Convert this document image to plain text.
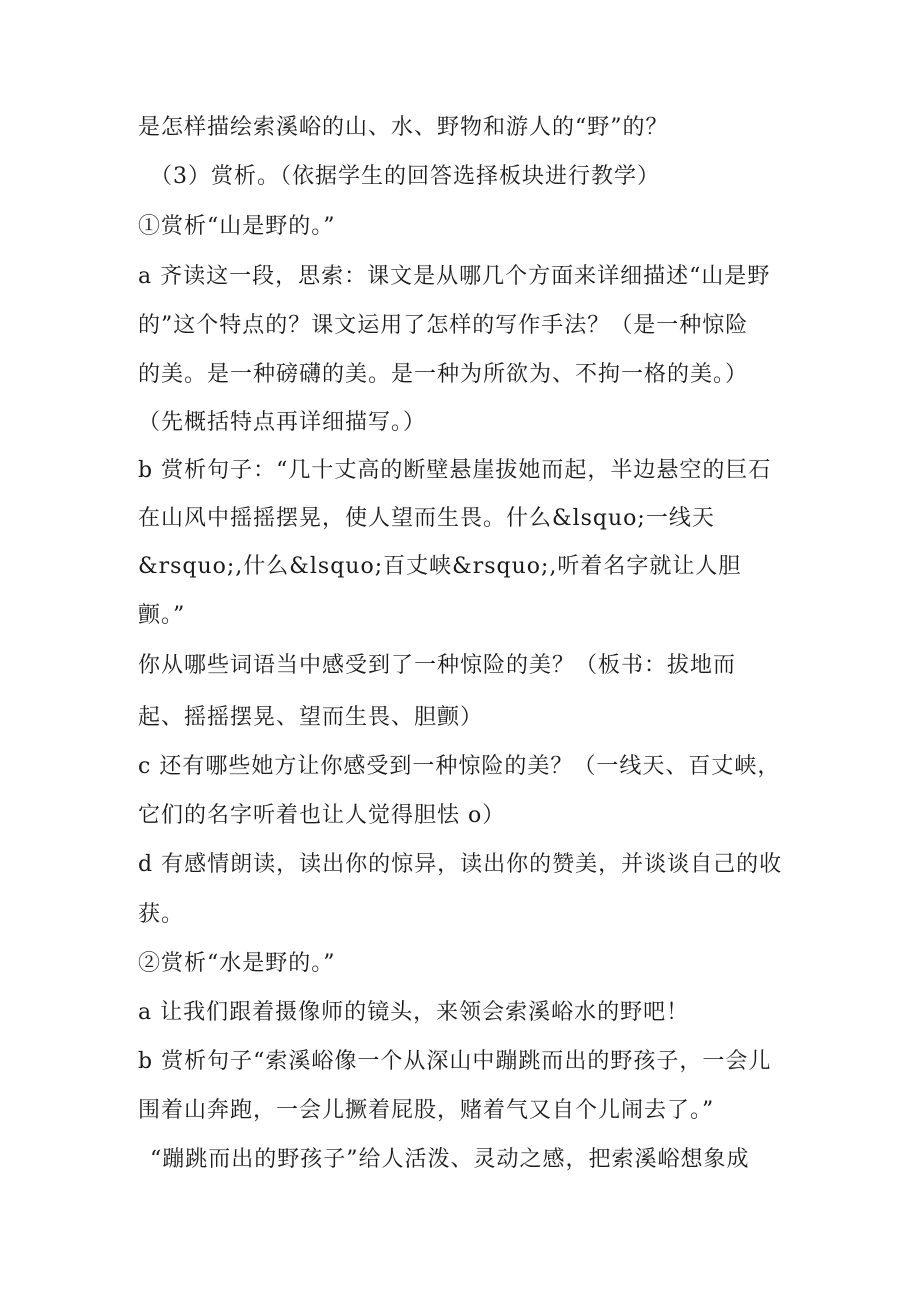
是怎样描绘索溪峪的山、水、野物和游人的“野”的？
（3）赏析。（依据学生的回答选择板块进行教学）
①赏析“山是野的。”
a 齐读这一段，思索：课文是从哪几个方面来详细描述“山是野
的”这个特点的？课文运用了怎样的写作手法？（是一种惊险
的美。是一种磅礴的美。是一种为所欲为、不拘一格的美。）
（先概括特点再详细描写。）
b 赏析句子：“几十丈高的断壁悬崖拔她而起，半边悬空的巨石
在山风中摇摇摆晃，使人望而生畏。什么&lsquo;一线天
&rsquo;,什么&lsquo;百丈峡&rsquo;,听着名字就让人胆
颤。”
你从哪些词语当中感受到了一种惊险的美？（板书：拔地而
起、摇摇摆晃、望而生畏、胆颤）
c 还有哪些她方让你感受到一种惊险的美？（一线天、百丈峡，
它们的名字听着也让人觉得胆怯 o）
d 有感情朗读，读出你的惊异，读出你的赞美，并谈谈自己的收
获。
②赏析“水是野的。”
a 让我们跟着摄像师的镜头，来领会索溪峪水的野吧！
b 赏析句子“索溪峪像一个从深山中蹦跳而出的野孩子，一会儿
围着山奔跑，一会儿撅着屁股，赌着气又自个儿闹去了。”
“蹦跳而出的野孩子”给人活泼、灵动之感，把索溪峪想象成
